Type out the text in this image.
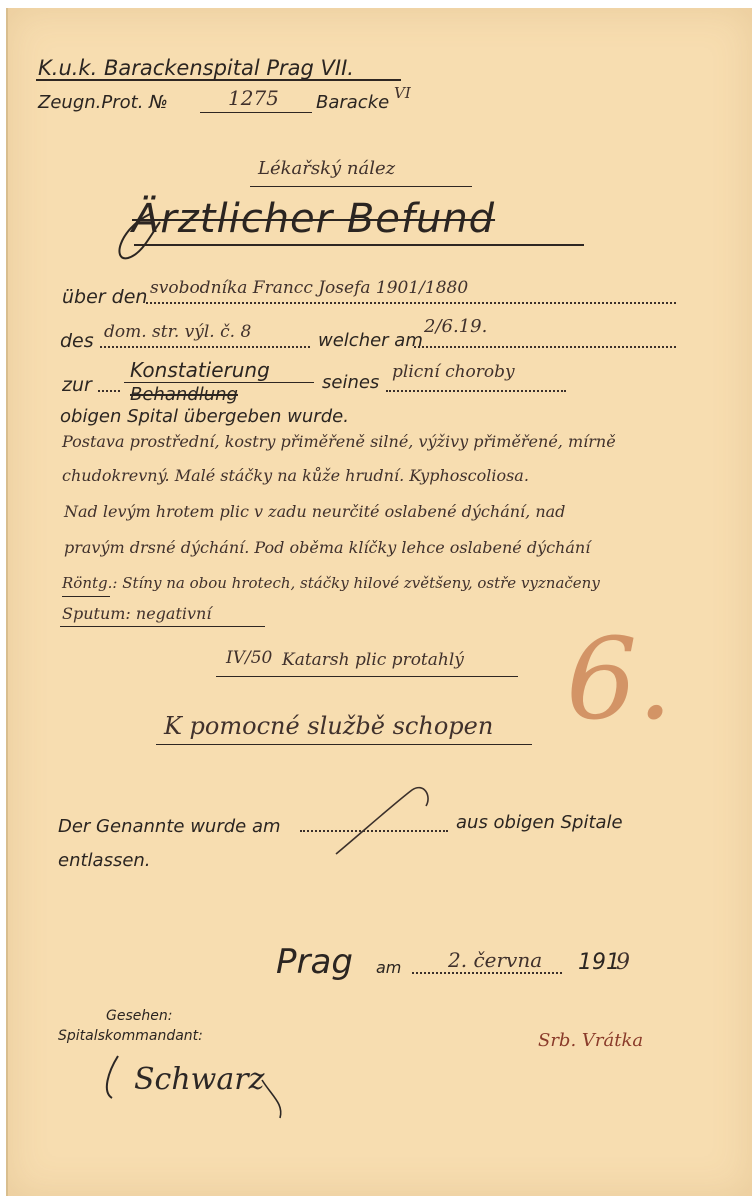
K.u.k. Barackenspital Prag VII.
Zeugn.Prot. №	1275 Baracke VI
Lékařský nález
Ärztlicher Befund
über den svobodníka Francc Josefa 1901/1880
des dom. str. výl. č. 8	welcher am
2/6.19.
zur
Konstatierung
Behandlung
seines plicní choroby
obigen Spital übergeben wurde.
Postava prostřední, kostry přiměřeně silné, výživy přiměřené, mírně
chudokrevný. Malé stáčky na kůže hrudní. Kyphoscoliosa.
Nad levým hrotem plic v zadu neurčité oslabené dýchání, nad
pravým drsné dýchání. Pod oběma klíčky lehce oslabené dýchání
Röntg.: Stíny na obou hrotech, stáčky hilové zvětšeny, ostře vyznačeny
Sputum: negativní
IV/50 Katarsh plic protahlý
K pomocné službě schopen 6.
Der Genannte wurde am	aus obigen Spitale
entlassen.
Prag am 2. června 191
9
Gesehen:
Spitalskommandant:
Schwarz
Srb. Vrátka
